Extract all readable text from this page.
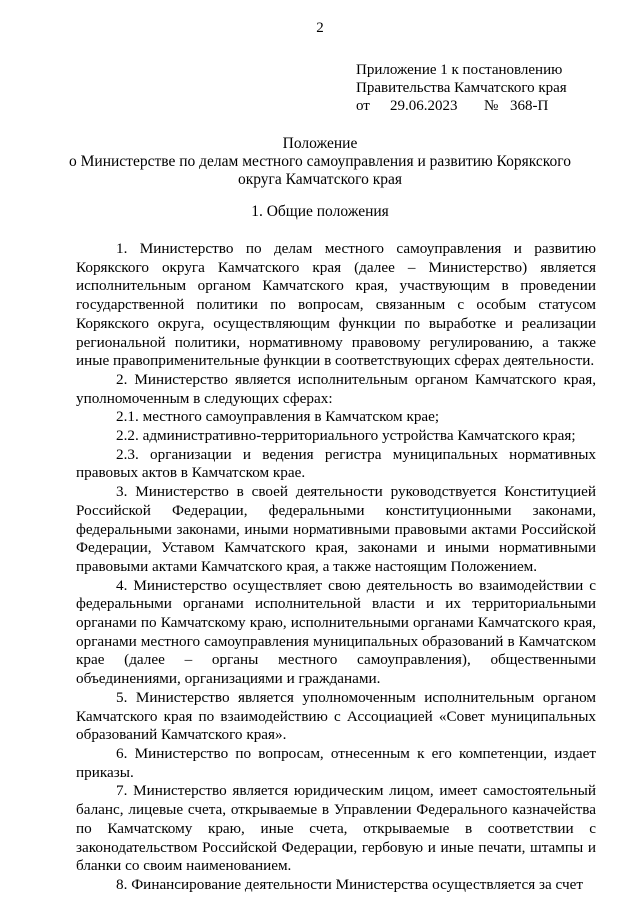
2
Приложение 1 к постановлению
Правительства Камчатского края
от 29.06.2023 № 368-П
Положение
о Министерстве по делам местного самоуправления и развитию Корякского
округа Камчатского края
1. Общие положения

1. Министерство по делам местного самоуправления и развитию Корякского округа Камчатского края (далее – Министерство) является исполнительным органом Камчатского края, участвующим в проведении государственной политики по вопросам, связанным с особым статусом Корякского округа, осуществляющим функции по выработке и реализации региональной политики, нормативному правовому регулированию, а также иные правоприменительные функции в соответствующих сферах деятельности.

2. Министерство является исполнительным органом Камчатского края, уполномоченным в следующих сферах:

2.1. местного самоуправления в Камчатском крае;

2.2. административно-территориального устройства Камчатского края;

2.3. организации и ведения регистра муниципальных нормативных правовых актов в Камчатском крае.

3. Министерство в своей деятельности руководствуется Конституцией Российской Федерации, федеральными конституционными законами, федеральными законами, иными нормативными правовыми актами Российской Федерации, Уставом Камчатского края, законами и иными нормативными правовыми актами Камчатского края, а также настоящим Положением.

4. Министерство осуществляет свою деятельность во взаимодействии с федеральными органами исполнительной власти и их территориальными органами по Камчатскому краю, исполнительными органами Камчатского края, органами местного самоуправления муниципальных образований в Камчатском крае (далее – органы местного самоуправления), общественными объединениями, организациями и гражданами.

5. Министерство является уполномоченным исполнительным органом Камчатского края по взаимодействию с Ассоциацией «Совет муниципальных образований Камчатского края».

6. Министерство по вопросам, отнесенным к его компетенции, издает приказы.

7. Министерство является юридическим лицом, имеет самостоятельный баланс, лицевые счета, открываемые в Управлении Федерального казначейства по Камчатскому краю, иные счета, открываемые в соответствии с законодательством Российской Федерации, гербовую и иные печати, штампы и бланки со своим наименованием.

8. Финансирование деятельности Министерства осуществляется за счет
